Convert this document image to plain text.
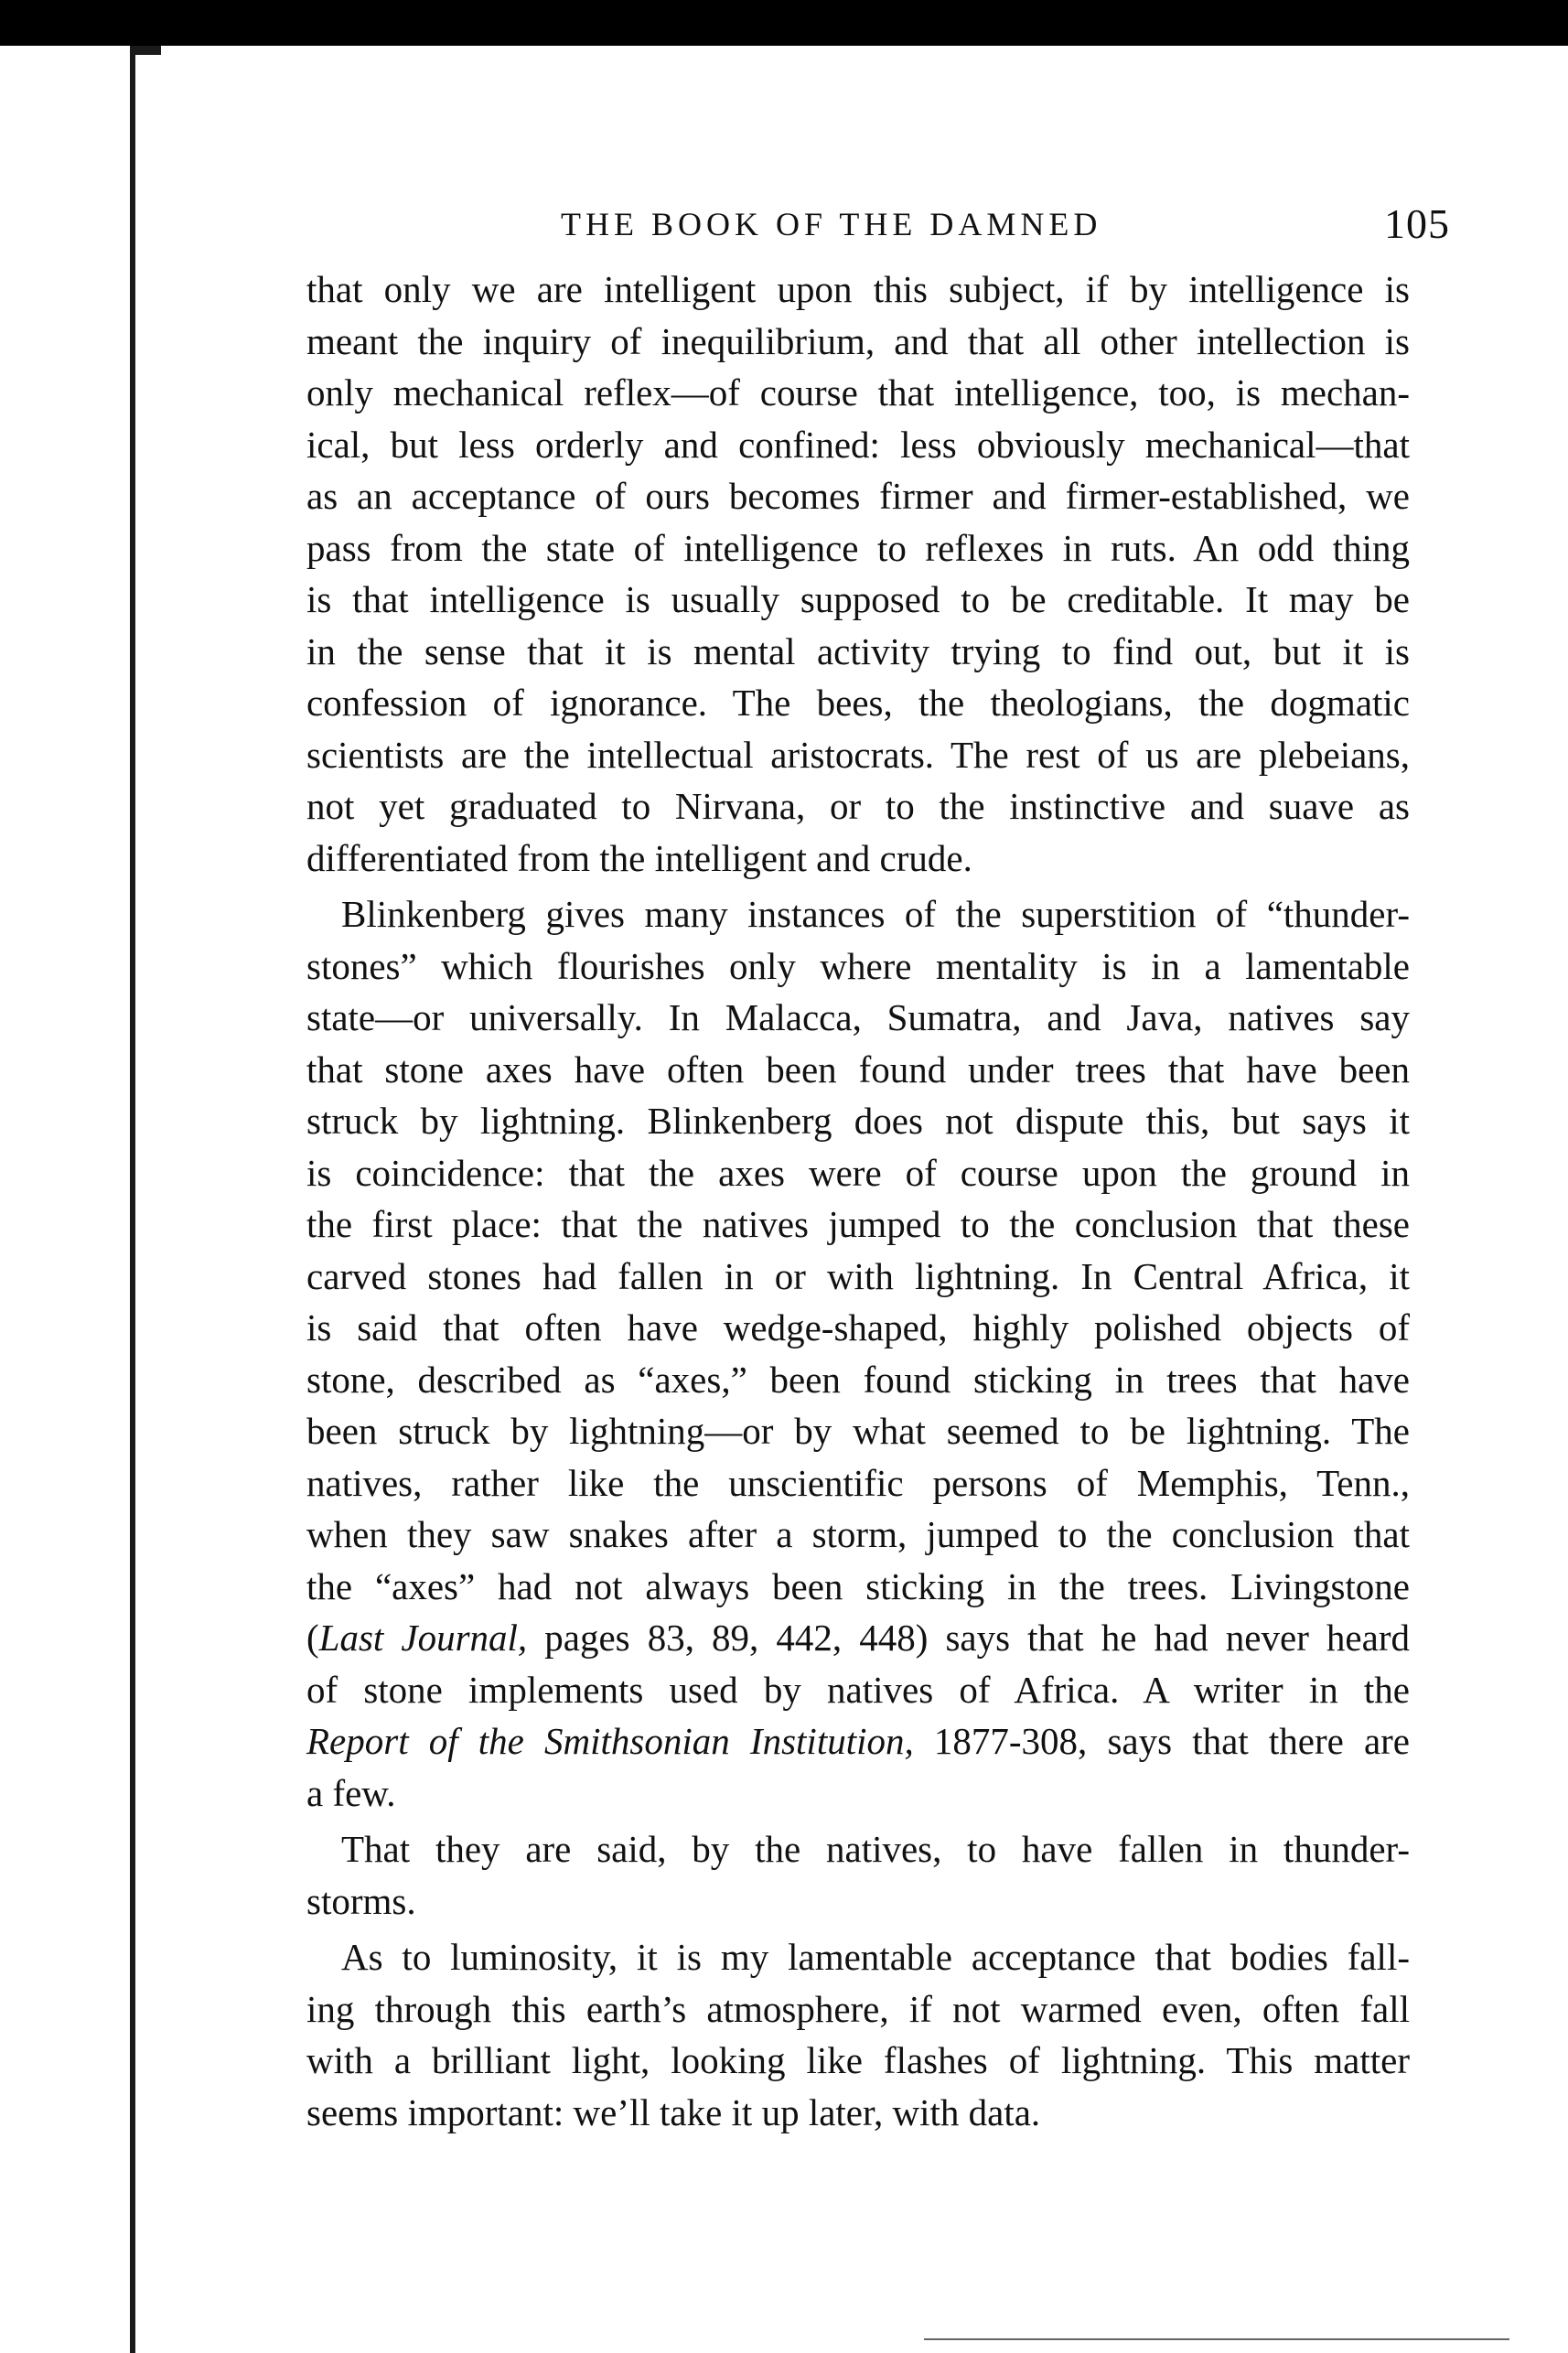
THE BOOK OF THE DAMNED	105
that only we are intelligent upon this subject, if by intelligence is
meant the inquiry of inequilibrium, and that all other intellection is
only mechanical reflex—of course that intelligence, too, is mechan-
ical, but less orderly and confined: less obviously mechanical—that
as an acceptance of ours becomes firmer and firmer-established, we
pass from the state of intelligence to reflexes in ruts. An odd thing
is that intelligence is usually supposed to be creditable. It may be
in the sense that it is mental activity trying to find out, but it is
confession of ignorance. The bees, the theologians, the dogmatic
scientists are the intellectual aristocrats. The rest of us are plebeians,
not yet graduated to Nirvana, or to the instinctive and suave as
differentiated from the intelligent and crude.
Blinkenberg gives many instances of the superstition of “thunder-
stones” which flourishes only where mentality is in a lamentable
state—or universally. In Malacca, Sumatra, and Java, natives say
that stone axes have often been found under trees that have been
struck by lightning. Blinkenberg does not dispute this, but says it
is coincidence: that the axes were of course upon the ground in
the first place: that the natives jumped to the conclusion that these
carved stones had fallen in or with lightning. In Central Africa, it
is said that often have wedge-shaped, highly polished objects of
stone, described as “axes,” been found sticking in trees that have
been struck by lightning—or by what seemed to be lightning. The
natives, rather like the unscientific persons of Memphis, Tenn.,
when they saw snakes after a storm, jumped to the conclusion that
the “axes” had not always been sticking in the trees. Livingstone
(Last Journal, pages 83, 89, 442, 448) says that he had never heard
of stone implements used by natives of Africa. A writer in the
Report of the Smithsonian Institution, 1877-308, says that there are
a few.
That they are said, by the natives, to have fallen in thunder-
storms.
As to luminosity, it is my lamentable acceptance that bodies fall-
ing through this earth’s atmosphere, if not warmed even, often fall
with a brilliant light, looking like flashes of lightning. This matter
seems important: we’ll take it up later, with data.
